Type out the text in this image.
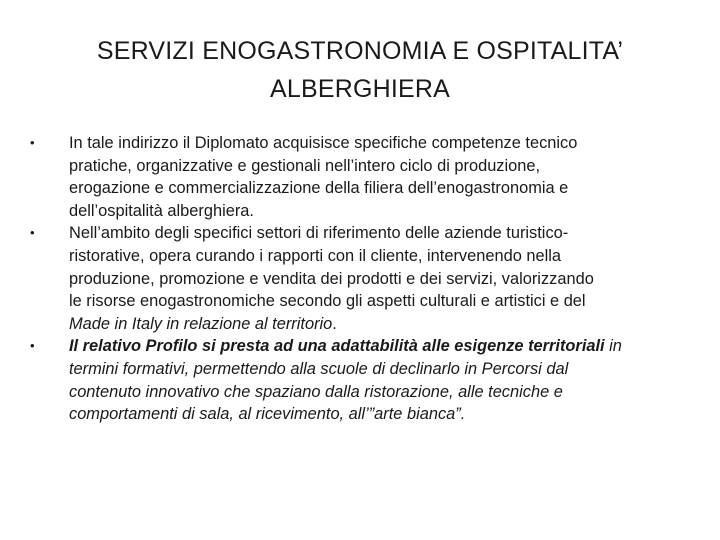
SERVIZI ENOGASTRONOMIA E OSPITALITA’
ALBERGHIERA
•	In tale indirizzo il Diplomato acquisisce specifiche competenze tecnico
pratiche, organizzative e gestionali nell’intero ciclo di produzione,
erogazione e commercializzazione della filiera dell’enogastronomia e
dell’ospitalità alberghiera.
•	Nell’ambito degli specifici settori di riferimento delle aziende turistico-
ristorative, opera curando i rapporti con il cliente, intervenendo nella
produzione, promozione e vendita dei prodotti e dei servizi, valorizzando
le risorse enogastronomiche secondo gli aspetti culturali e artistici e del
Made in Italy in relazione al territorio.
•	Il relativo Profilo si presta ad una adattabilità alle esigenze territoriali in
termini formativi, permettendo alla scuole di declinarlo in Percorsi dal
contenuto innovativo che spaziano dalla ristorazione, alle tecniche e
comportamenti di sala, al ricevimento, all’”arte bianca”.
